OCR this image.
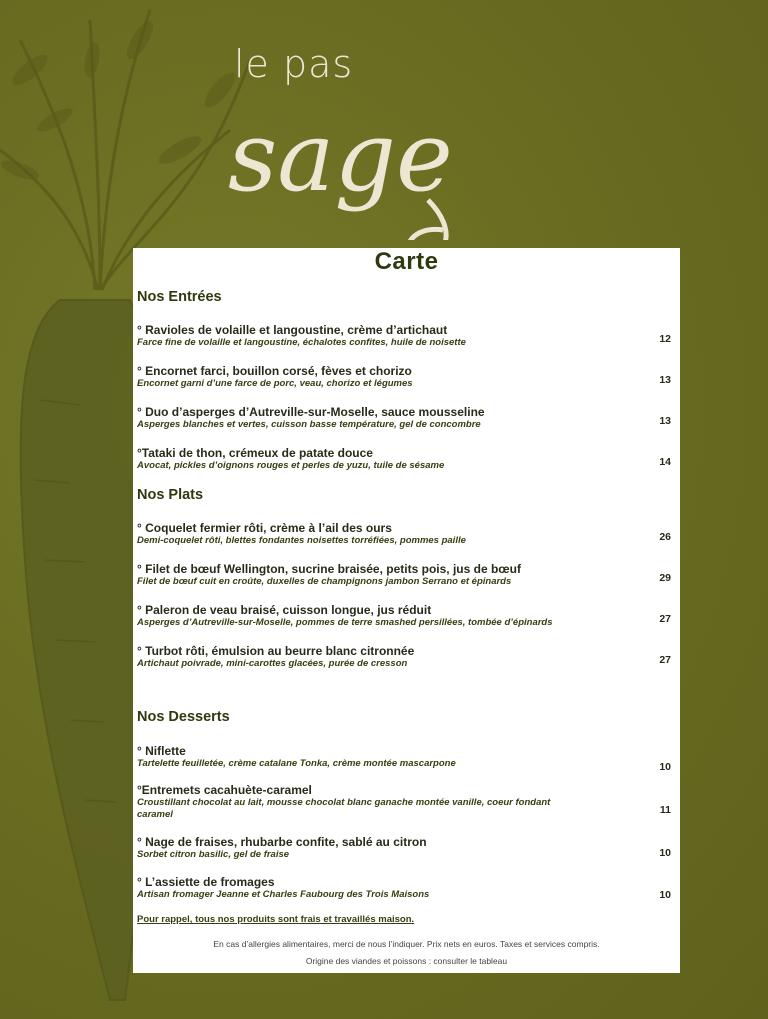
le pas
sage
Carte
Nos Entrées
° Ravioles de volaille et langoustine, crème d’artichaut
Farce fine de volaille et langoustine, échalotes confites, huile de noisette	12
° Encornet farci, bouillon corsé, fèves et chorizo
Encornet garni d’une farce de porc, veau, chorizo et légumes	13
° Duo d’asperges d’Autreville-sur-Moselle, sauce mousseline
Asperges blanches et vertes, cuisson basse température, gel de concombre	13
°Tataki de thon, crémeux de patate douce
Avocat, pickles d’oignons rouges et perles de yuzu, tuile de sésame	14
Nos Plats
° Coquelet fermier rôti, crème à l’ail des ours
Demi-coquelet rôti, blettes fondantes noisettes torréfiées, pommes paille	26
° Filet de bœuf Wellington, sucrine braisée, petits pois, jus de bœuf
Filet de bœuf cuit en croûte, duxelles de champignons jambon Serrano et épinards	29
° Paleron de veau braisé, cuisson longue, jus réduit
Asperges d’Autreville-sur-Moselle, pommes de terre smashed persillées, tombée d’épinards	27
° Turbot rôti, émulsion au beurre blanc citronnée
Artichaut poivrade, mini-carottes glacées, purée de cresson	27
Nos Desserts
° Niflette
Tartelette feuilletée, crème catalane Tonka, crème montée mascarpone	10
°Entremets cacahuète-caramel
Croustillant chocolat au lait, mousse chocolat blanc ganache montée vanille, coeur fondant caramel	11
° Nage de fraises, rhubarbe confite, sablé au citron
Sorbet citron basilic, gel de fraise	10
° L’assiette de fromages
Artisan fromager Jeanne et Charles Faubourg des Trois Maisons	10
Pour rappel, tous nos produits sont frais et travaillés maison.
En cas d’allergies alimentaires, merci de nous l’indiquer. Prix nets en euros. Taxes et services compris.
Origine des viandes et poissons : consulter le tableau
